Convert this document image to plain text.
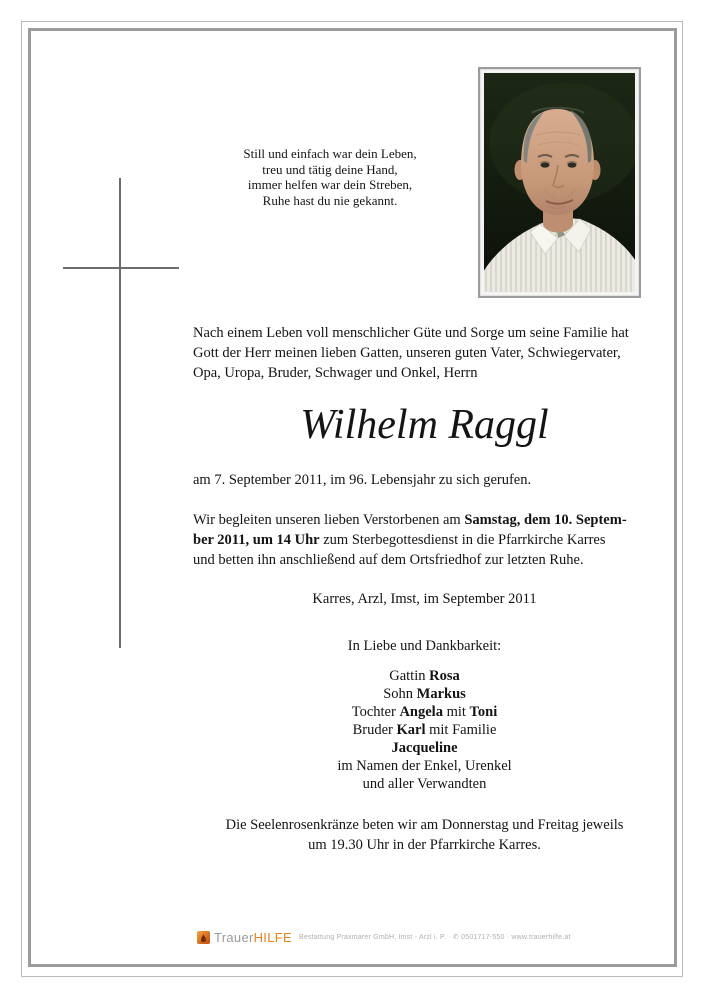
Still und einfach war dein Leben,
treu und tätig deine Hand,
immer helfen war dein Streben,
Ruhe hast du nie gekannt.
Nach einem Leben voll menschlicher Güte und Sorge um seine Familie hat
Gott der Herr meinen lieben Gatten, unseren guten Vater, Schwiegervater,
Opa, Uropa, Bruder, Schwager und Onkel, Herrn
Wilhelm Raggl
am 7. September 2011, im 96. Lebensjahr zu sich gerufen.
Wir begleiten unseren lieben Verstorbenen am Samstag, dem 10. Septem-
ber 2011, um 14 Uhr zum Sterbegottesdienst in die Pfarrkirche Karres
und betten ihn anschließend auf dem Ortsfriedhof zur letzten Ruhe.
Karres, Arzl, Imst, im September 2011
In Liebe und Dankbarkeit:
Gattin Rosa
Sohn Markus
Tochter Angela mit Toni
Bruder Karl mit Familie
Jacqueline
im Namen der Enkel, Urenkel
und aller Verwandten
Die Seelenrosenkränze beten wir am Donnerstag und Freitag jeweils
um 19.30 Uhr in der Pfarrkirche Karres.
TrauerHILFE Bestattung Praxmarer GmbH, Imst - Arzl i. P. · ✆ 0501717-550 · www.trauerhilfe.at
